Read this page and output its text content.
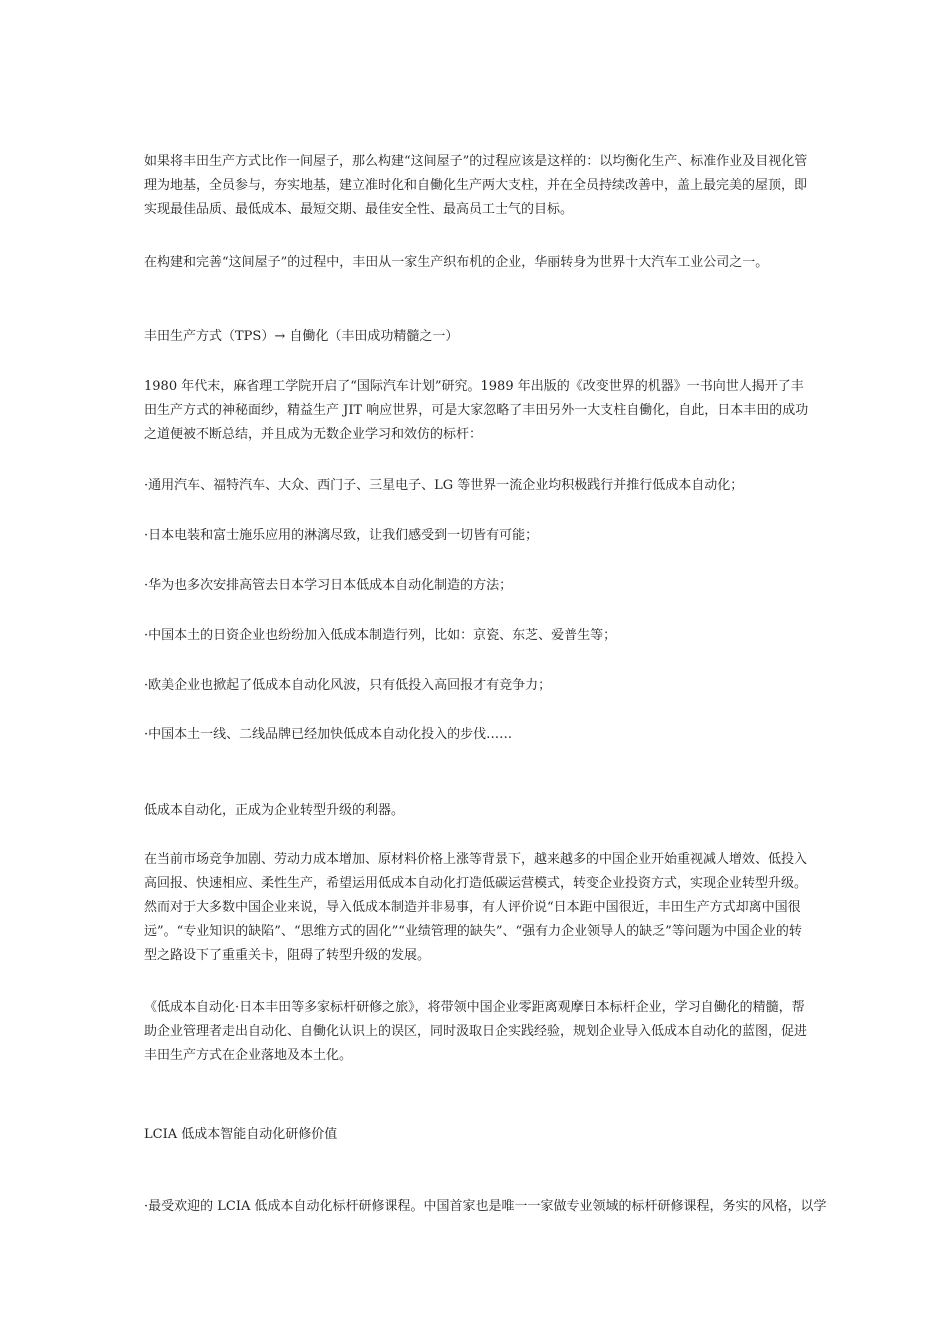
如果将丰田生产方式比作一间屋子，那么构建“这间屋子”的过程应该是这样的：以均衡化生产、标准作业及目视化管理为地基，全员参与，夯实地基，建立准时化和自働化生产两大支柱，并在全员持续改善中，盖上最完美的屋顶，即实现最佳品质、最低成本、最短交期、最佳安全性、最高员工士气的目标。

在构建和完善“这间屋子”的过程中，丰田从一家生产织布机的企业，华丽转身为世界十大汽车工业公司之一。

丰田生产方式（TPS）→ 自働化（丰田成功精髓之一）

1980 年代末，麻省理工学院开启了“国际汽车计划”研究。1989 年出版的《改变世界的机器》一书向世人揭开了丰田生产方式的神秘面纱，精益生产 JIT 响应世界，可是大家忽略了丰田另外一大支柱自働化，自此，日本丰田的成功之道便被不断总结，并且成为无数企业学习和效仿的标杆：

·通用汽车、福特汽车、大众、西门子、三星电子、LG 等世界一流企业均积极践行并推行低成本自动化；

·日本电装和富士施乐应用的淋漓尽致，让我们感受到一切皆有可能；

·华为也多次安排高管去日本学习日本低成本自动化制造的方法；

·中国本土的日资企业也纷纷加入低成本制造行列，比如：京瓷、东芝、爱普生等；

·欧美企业也掀起了低成本自动化风波，只有低投入高回报才有竞争力；

·中国本土一线、二线品牌已经加快低成本自动化投入的步伐……

低成本自动化，正成为企业转型升级的利器。

在当前市场竞争加剧、劳动力成本增加、原材料价格上涨等背景下，越来越多的中国企业开始重视减人增效、低投入高回报、快速相应、柔性生产，希望运用低成本自动化打造低碳运营模式，转变企业投资方式，实现企业转型升级。然而对于大多数中国企业来说，导入低成本制造并非易事，有人评价说“日本距中国很近，丰田生产方式却离中国很远”。“专业知识的缺陷”、“思维方式的固化”“业绩管理的缺失”、“强有力企业领导人的缺乏”等问题为中国企业的转型之路设下了重重关卡，阻碍了转型升级的发展。

《低成本自动化·日本丰田等多家标杆研修之旅》，将带领中国企业零距离观摩日本标杆企业，学习自働化的精髓，帮助企业管理者走出自动化、自働化认识上的误区，同时汲取日企实践经验，规划企业导入低成本自动化的蓝图，促进丰田生产方式在企业落地及本土化。

LCIA 低成本智能自动化研修价值

·最受欢迎的 LCIA 低成本自动化标杆研修课程。中国首家也是唯一一家做专业领域的标杆研修课程，务实的风格，以学
